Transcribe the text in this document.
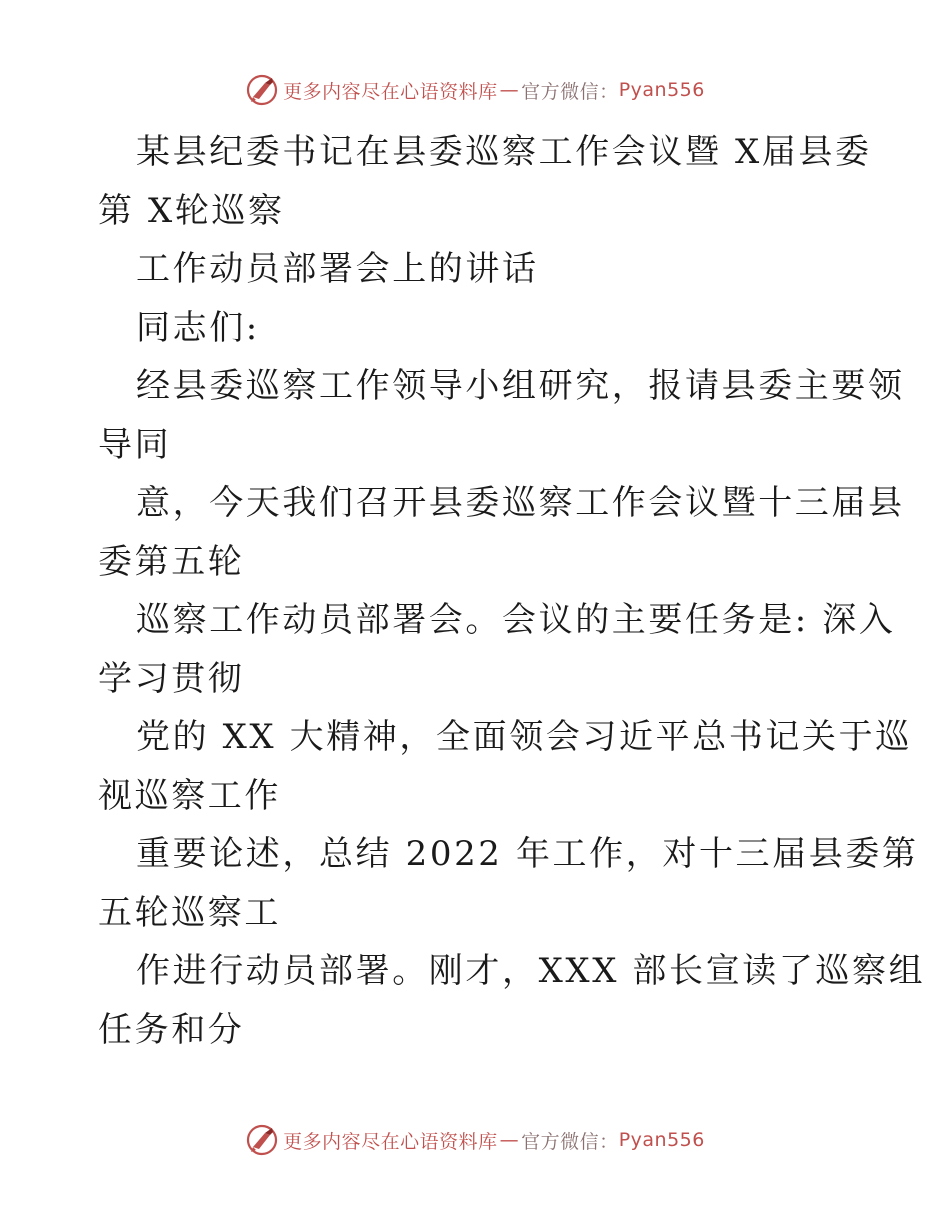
更多内容尽在心语资料库 — 官方微信： Pyan556
某县纪委书记在县委巡察工作会议暨 X届县委
第 X轮巡察
工作动员部署会上的讲话
同志们:
经县委巡察工作领导小组研究，报请县委主要领
导同
意，今天我们召开县委巡察工作会议暨十三届县
委第五轮
巡察工作动员部署会。会议的主要任务是: 深入
学习贯彻
党的 XX 大精神，全面领会习近平总书记关于巡
视巡察工作
重要论述，总结 2022 年工作，对十三届县委第
五轮巡察工
作进行动员部署。刚才，XXX 部长宣读了巡察组
任务和分
更多内容尽在心语资料库 — 官方微信： Pyan556
